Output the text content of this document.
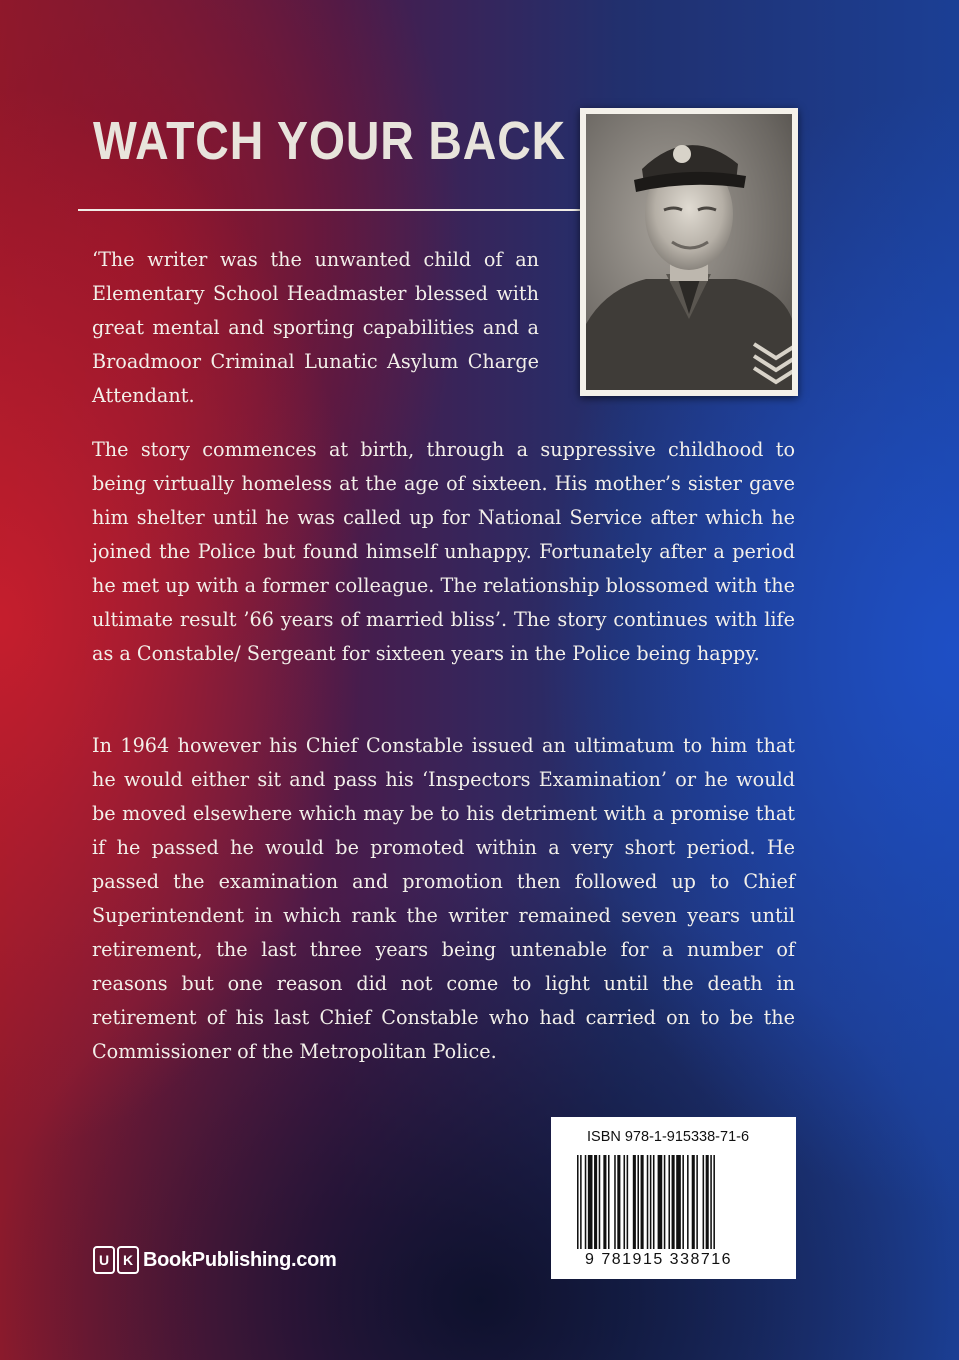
WATCH YOUR BACK

‘The writer was the unwanted child of an Elementary School Headmaster blessed with great mental and sporting capabilities and a Broadmoor Criminal Lunatic Asylum Charge Attendant.

The story commences at birth, through a suppressive childhood to being virtually homeless at the age of sixteen. His mother’s sister gave him shelter until he was called up for National Service after which he joined the Police but found himself unhappy. Fortunately after a period he met up with a former colleague. The relationship blossomed with the ultimate result ’66 years of married bliss’. The story continues with life as a Constable/ Sergeant for sixteen years in the Police being happy.

In 1964 however his Chief Constable issued an ultimatum to him that he would either sit and pass his ‘Inspectors Examination’ or he would be moved elsewhere which may be to his detriment with a promise that if he passed he would be promoted within a very short period. He passed the examination and promotion then followed up to Chief Superintendent in which rank the writer remained seven years until retirement, the last three years being untenable for a number of reasons but one reason did not come to light until the death in retirement of his last Chief Constable who had carried on to be the Commissioner of the Metropolitan Police.

ISBN 978-1-915338-71-6

9 781915 338716

U K BookPublishing.com
